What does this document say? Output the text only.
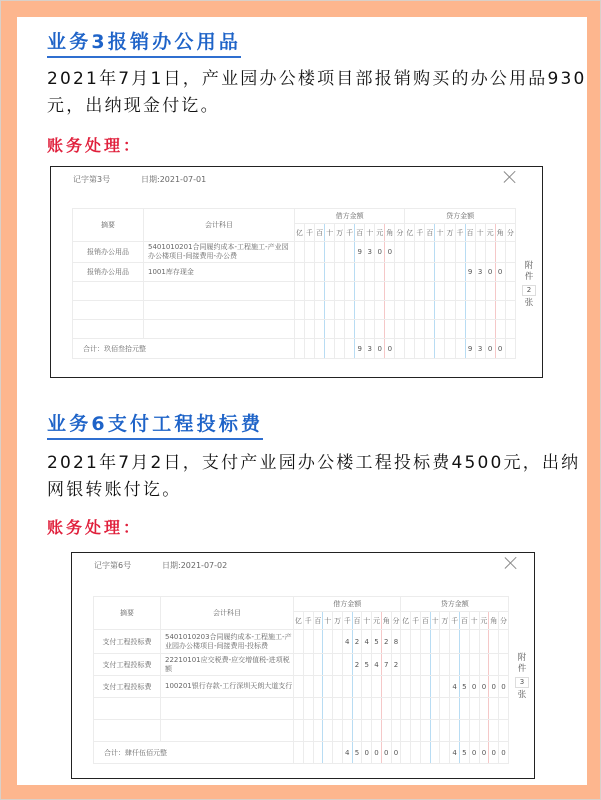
业务3报销办公用品
2021年7月1日，产业园办公楼项目部报销购买的办公用品930元，出纳现金付讫。
账务处理：
记字第3号	日期:2021-07-01
摘要	会计科目	借方金额											贷方金额										
		亿	千	百	十	万	千	百	十	元	角	分	亿	千	百	十	万	千	百	十	元	角	分
报销办公用品	5401010201合同履约成本-工程施工-产业园办公楼项目-间接费用-办公费							9	3	0	0												
报销办公用品	1001库存现金																		9	3	0	0	

合计：玖佰叁拾元整								9	3	0	0								9	3	0	0	
附
件
2
张
业务6支付工程投标费
2021年7月2日，支付产业园办公楼工程投标费4500元，出纳网银转账付讫。
账务处理：
记字第6号	日期:2021-07-02
摘要	会计科目	借方金额											贷方金额										
		亿	千	百	十	万	千	百	十	元	角	分	亿	千	百	十	万	千	百	十	元	角	分
支付工程投标费	5401010203合同履约成本-工程施工-产业园办公楼项目-间接费用-投标费						4	2	4	5	2	8											
支付工程投标费	22210101应交税费-应交增值税-进项税额							2	5	4	7	2											
支付工程投标费	100201银行存款-工行深圳天朗大道支行																	4	5	0	0	0	0

合计：肆仟伍佰元整							4	5	0	0	0	0						4	5	0	0	0	0
附
件
3
张
